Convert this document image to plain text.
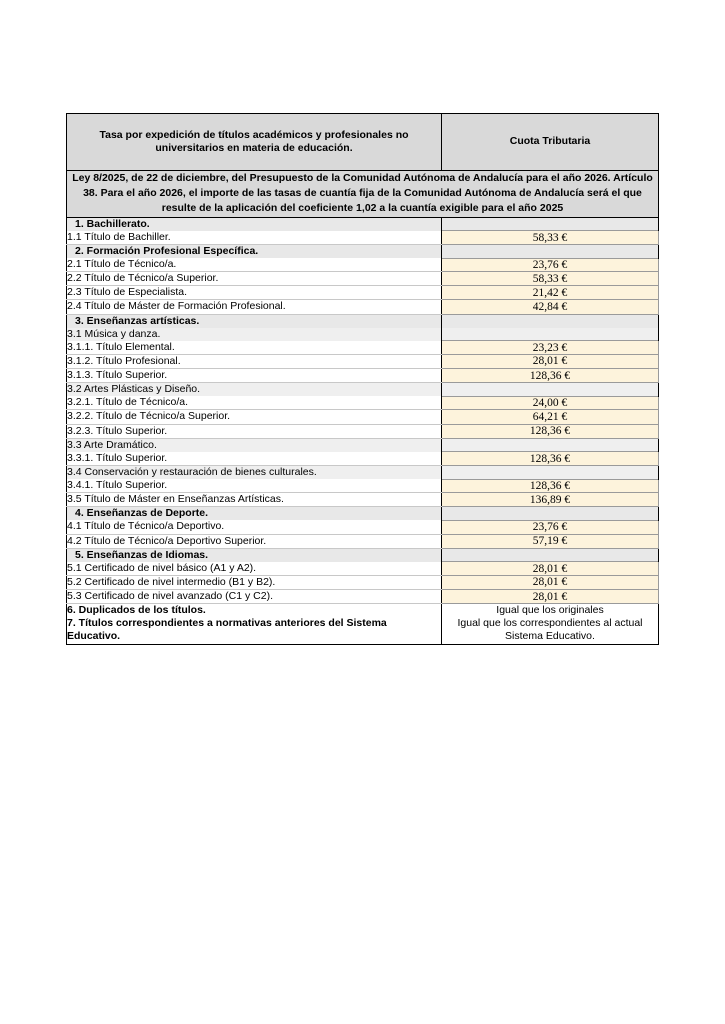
Tasa por expedición de títulos académicos y profesionales no universitarios en materia de educación.	Cuota Tributaria
Ley 8/2025, de 22 de diciembre, del Presupuesto de la Comunidad Autónoma de Andalucía para el año 2026. Artículo 38. Para el año 2026, el importe de las tasas de cuantía fija de la Comunidad Autónoma de Andalucía será el que resulte de la aplicación del coeficiente 1,02 a la cuantía exigible para el año 2025	
1. Bachillerato.	
1.1 Título de Bachiller.	58,33 €
2. Formación Profesional Específica.	
2.1 Título de Técnico/a.	23,76 €
2.2 Título de Técnico/a Superior.	58,33 €
2.3 Título de Especialista.	21,42 €
2.4 Título de Máster de Formación Profesional.	42,84 €
3. Enseñanzas artísticas.	
3.1 Música y danza.	
3.1.1. Título Elemental.	23,23 €
3.1.2. Título Profesional.	28,01 €
3.1.3. Título Superior.	128,36 €
3.2 Artes Plásticas y Diseño.	
3.2.1. Título de Técnico/a.	24,00 €
3.2.2. Título de Técnico/a Superior.	64,21 €
3.2.3. Título Superior.	128,36 €
3.3 Arte Dramático.	
3.3.1. Título Superior.	128,36 €
3.4 Conservación y restauración de bienes culturales.	
3.4.1. Título Superior.	128,36 €
3.5 Título de Máster en Enseñanzas Artísticas.	136,89 €
4. Enseñanzas de Deporte.	
4.1 Título de Técnico/a Deportivo.	23,76 €
4.2 Título de Técnico/a Deportivo Superior.	57,19 €
5. Enseñanzas de Idiomas.	
5.1 Certificado de nivel básico (A1 y A2).	28,01 €
5.2 Certificado de nivel intermedio (B1 y B2).	28,01 €
5.3 Certificado de nivel avanzado (C1 y C2).	28,01 €
6. Duplicados de los títulos.	Igual que los originales
7. Títulos correspondientes a normativas anteriores del Sistema Educativo.	Igual que los correspondientes al actual Sistema Educativo.
